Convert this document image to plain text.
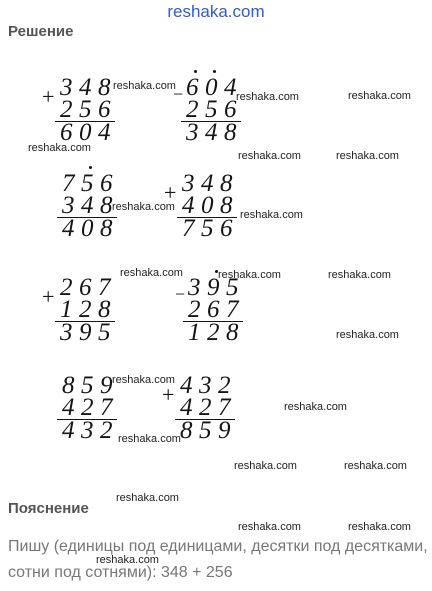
reshaka.com
Решение
+ 348
256
604
− 604
256
348
756
348
408
+ 348
408
756
+ 267
128
395
− 395
267
128
859
427
432
+ 432
427
859
Пояснение
Пишу (единицы под единицами, десятки под десятками,
сотни под сотнями): 348 + 256
reshaka.com
reshaka.com	reshaka.com
reshaka.com
reshaka.com	reshaka.com
reshaka.com
reshaka.com
reshaka.com	reshaka.com	reshaka.com
reshaka.com
reshaka.com
reshaka.com
reshaka.com
reshaka.com	reshaka.com
reshaka.com
reshaka.com	reshaka.com
reshaka.com
